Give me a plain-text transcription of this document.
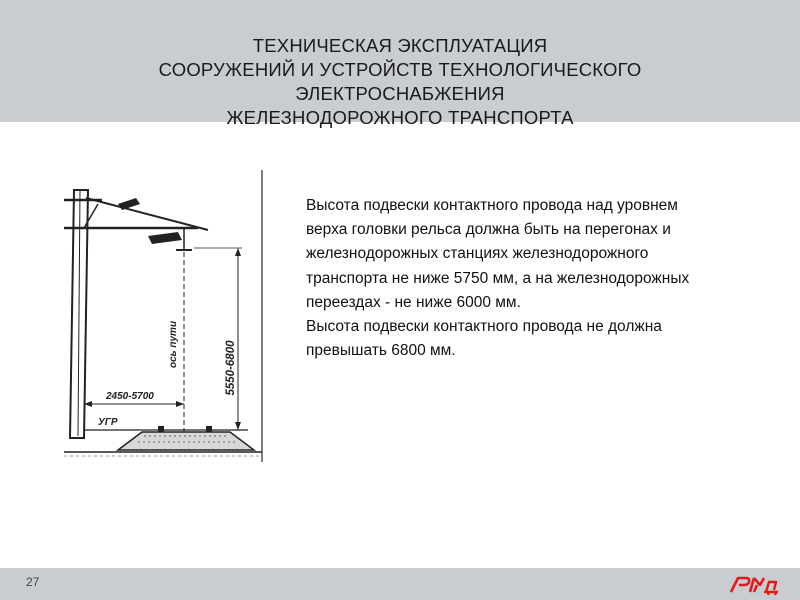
ТЕХНИЧЕСКАЯ ЭКСПЛУАТАЦИЯ
СООРУЖЕНИЙ И УСТРОЙСТВ ТЕХНОЛОГИЧЕСКОГО
ЭЛЕКТРОСНАБЖЕНИЯ
ЖЕЛЕЗНОДОРОЖНОГО ТРАНСПОРТА
ось пути	5550-6800
2450-5700
УГР
Высота подвески контактного провода над уровнем верха головки рельса должна быть на перегонах и железнодорожных станциях железнодорожного транспорта не ниже 5750 мм, а на железнодорожных переездах - не ниже 6000 мм.
Высота подвески контактного провода не должна превышать 6800 мм.
27
